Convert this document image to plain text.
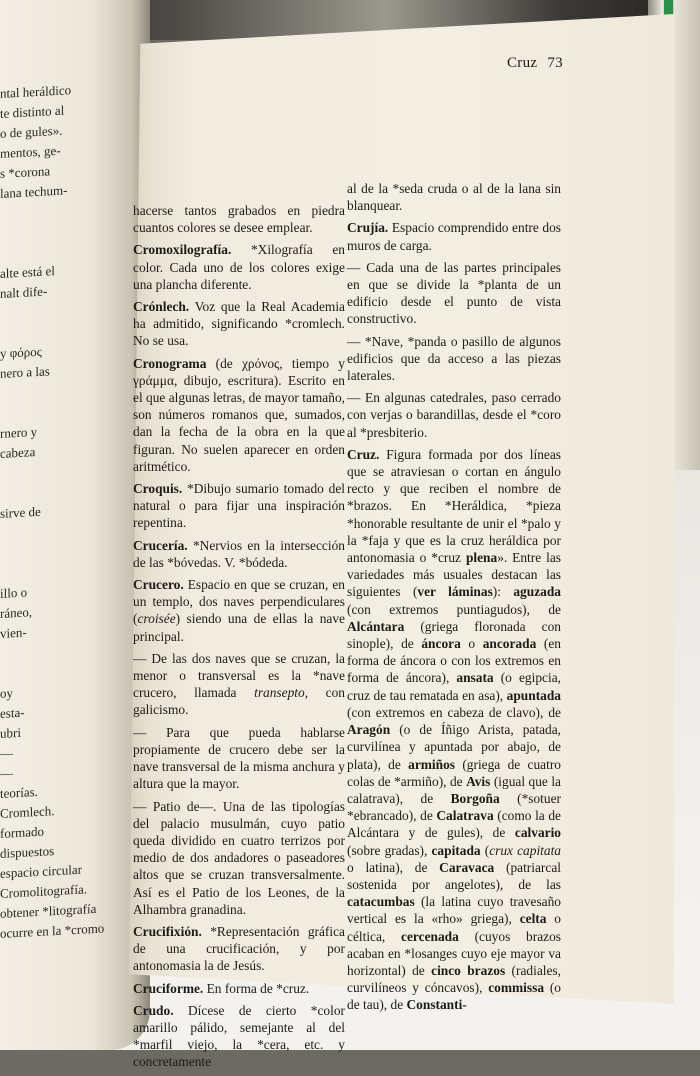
ntal heráldico
te distinto al
o de gules».
mentos, ge-
s *corona
lana techum-

alte está el
nalt dife-

y φόρος
nero a las

rnero y
cabeza

sirve de

illo o
ráneo,
vien-

oy
esta-
ubri
—
—
teorías.
Cromlech.
formado
dispuestos
espacio circular
Cromolitografía.
obtener *litografía
ocurre en la *cromo
Cruz 73

hacerse tantos grabados en piedra cuantos colores se desee emplear.

Cromoxilografía. *Xilografía en color. Cada uno de los colores exige una plancha diferente.

Crónlech. Voz que la Real Academia ha admitido, significando *cromlech. No se usa.

Cronograma (de χρόνος, tiempo y γράμμα, dibujo, escritura). Escrito en el que algunas letras, de mayor tamaño, son números romanos que, sumados, dan la fecha de la obra en la que figuran. No suelen aparecer en orden aritmético.

Croquis. *Dibujo sumario tomado del natural o para fijar una inspiración repentina.

Crucería. *Nervios en la intersección de las *bóvedas. V. *bódeda.

Crucero. Espacio en que se cruzan, en un templo, dos naves perpendiculares (croisée) siendo una de ellas la nave principal.

— De las dos naves que se cruzan, la menor o transversal es la *nave crucero, llamada transepto, con galicismo.

— Para que pueda hablarse propiamente de crucero debe ser la nave transversal de la misma anchura y altura que la mayor.

— Patio de—. Una de las tipologías del palacio musulmán, cuyo patio queda dividido en cuatro terrizos por medio de dos andadores o paseadores altos que se cruzan transversalmente. Así es el Patio de los Leones, de la Alhambra granadina.

Crucifixión. *Representación gráfica de una crucificación, y por antonomasia la de Jesús.

Cruciforme. En forma de *cruz.

Crudo. Dícese de cierto *color amarillo pálido, semejante al del *marfil viejo, la *cera, etc. y concretamente

al de la *seda cruda o al de la lana sin blanquear.

Crujía. Espacio comprendido entre dos muros de carga.

— Cada una de las partes principales en que se divide la *planta de un edificio desde el punto de vista constructivo.

— *Nave, *panda o pasillo de algunos edificios que da acceso a las piezas laterales.

— En algunas catedrales, paso cerrado con verjas o barandillas, desde el *coro al *presbiterio.

Cruz. Figura formada por dos líneas que se atraviesan o cortan en ángulo recto y que reciben el nombre de *brazos. En *Heráldica, *pieza *honorable resultante de unir el *palo y la *faja y que es la cruz heráldica por antonomasia o *cruz plena». Entre las variedades más usuales destacan las siguientes (ver láminas): aguzada (con extremos puntiagudos), de Alcántara (griega floronada con sinople), de áncora o ancorada (en forma de áncora o con los extremos en forma de áncora), ansata (o egipcia, cruz de tau rematada en asa), apuntada (con extremos en cabeza de clavo), de Aragón (o de Íñigo Arista, patada, curvilínea y apuntada por abajo, de plata), de armiños (griega de cuatro colas de *armiño), de Avis (igual que la calatrava), de Borgoña (*sotuer *ebrancado), de Calatrava (como la de Alcántara y de gules), de calvario (sobre gradas), capitada (crux capitata o latina), de Caravaca (patriarcal sostenida por angelotes), de las catacumbas (la latina cuyo travesaño vertical es la «rho» griega), celta o céltica, cercenada (cuyos brazos acaban en *losanges cuyo eje mayor va horizontal) de cinco brazos (radiales, curvilíneos y cóncavos), commissa (o de tau), de Constanti-
